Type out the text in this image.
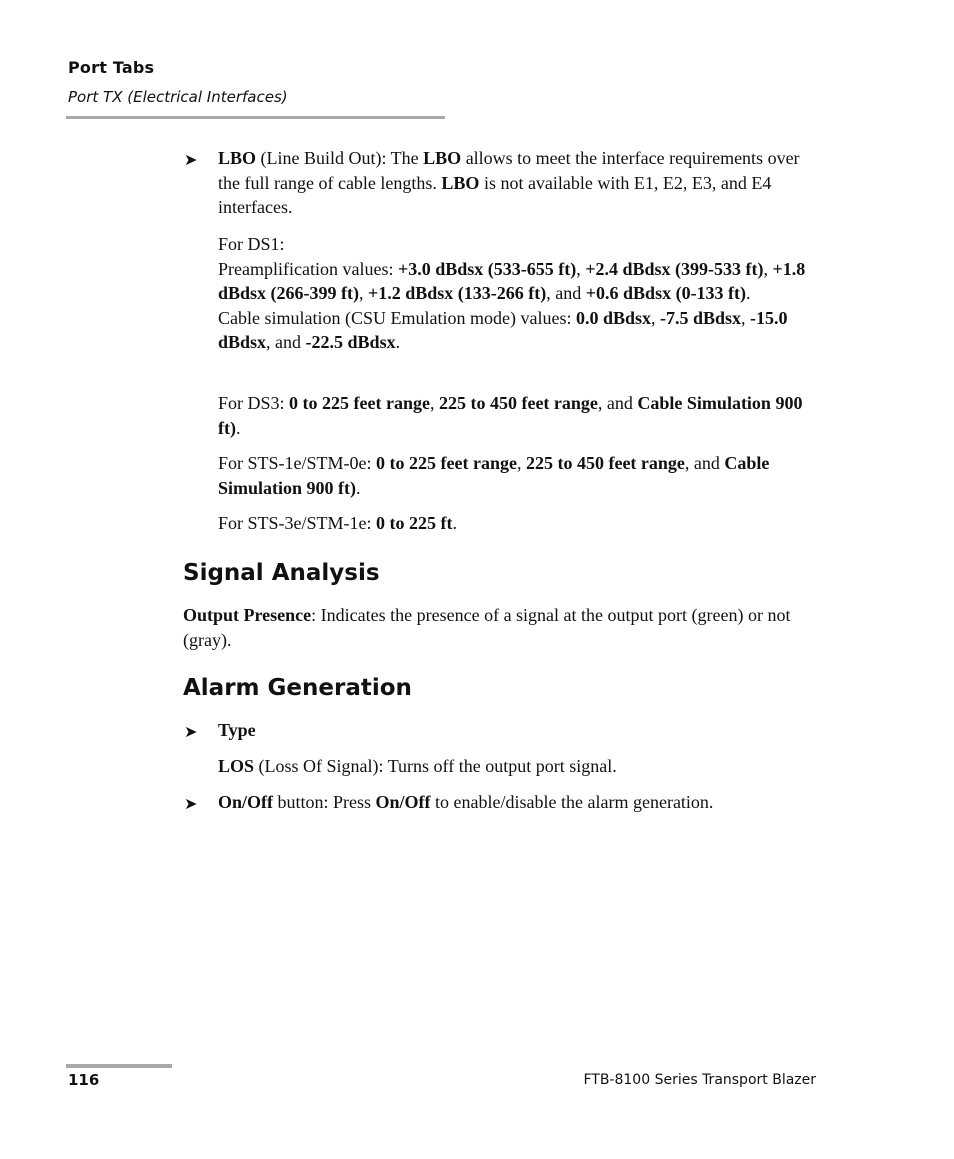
Port Tabs
Port TX (Electrical Interfaces)
➤ LBO (Line Build Out): The LBO allows to meet the interface requirements over the full range of cable lengths. LBO is not available with E1, E2, E3, and E4 interfaces.

For DS1:
Preamplification values: +3.0 dBdsx (533-655 ft), +2.4 dBdsx (399-533 ft), +1.8 dBdsx (266-399 ft), +1.2 dBdsx (133-266 ft), and +0.6 dBdsx (0-133 ft).
Cable simulation (CSU Emulation mode) values: 0.0 dBdsx, -7.5 dBdsx, -15.0 dBdsx, and -22.5 dBdsx.

For DS3: 0 to 225 feet range, 225 to 450 feet range, and Cable Simulation 900 ft).

For STS-1e/STM-0e: 0 to 225 feet range, 225 to 450 feet range, and Cable Simulation 900 ft).

For STS-3e/STM-1e: 0 to 225 ft.

Signal Analysis

Output Presence: Indicates the presence of a signal at the output port (green) or not (gray).

Alarm Generation
➤ Type

LOS (Loss Of Signal): Turns off the output port signal.

➤ On/Off button: Press On/Off to enable/disable the alarm generation.

116	FTB-8100 Series Transport Blazer
